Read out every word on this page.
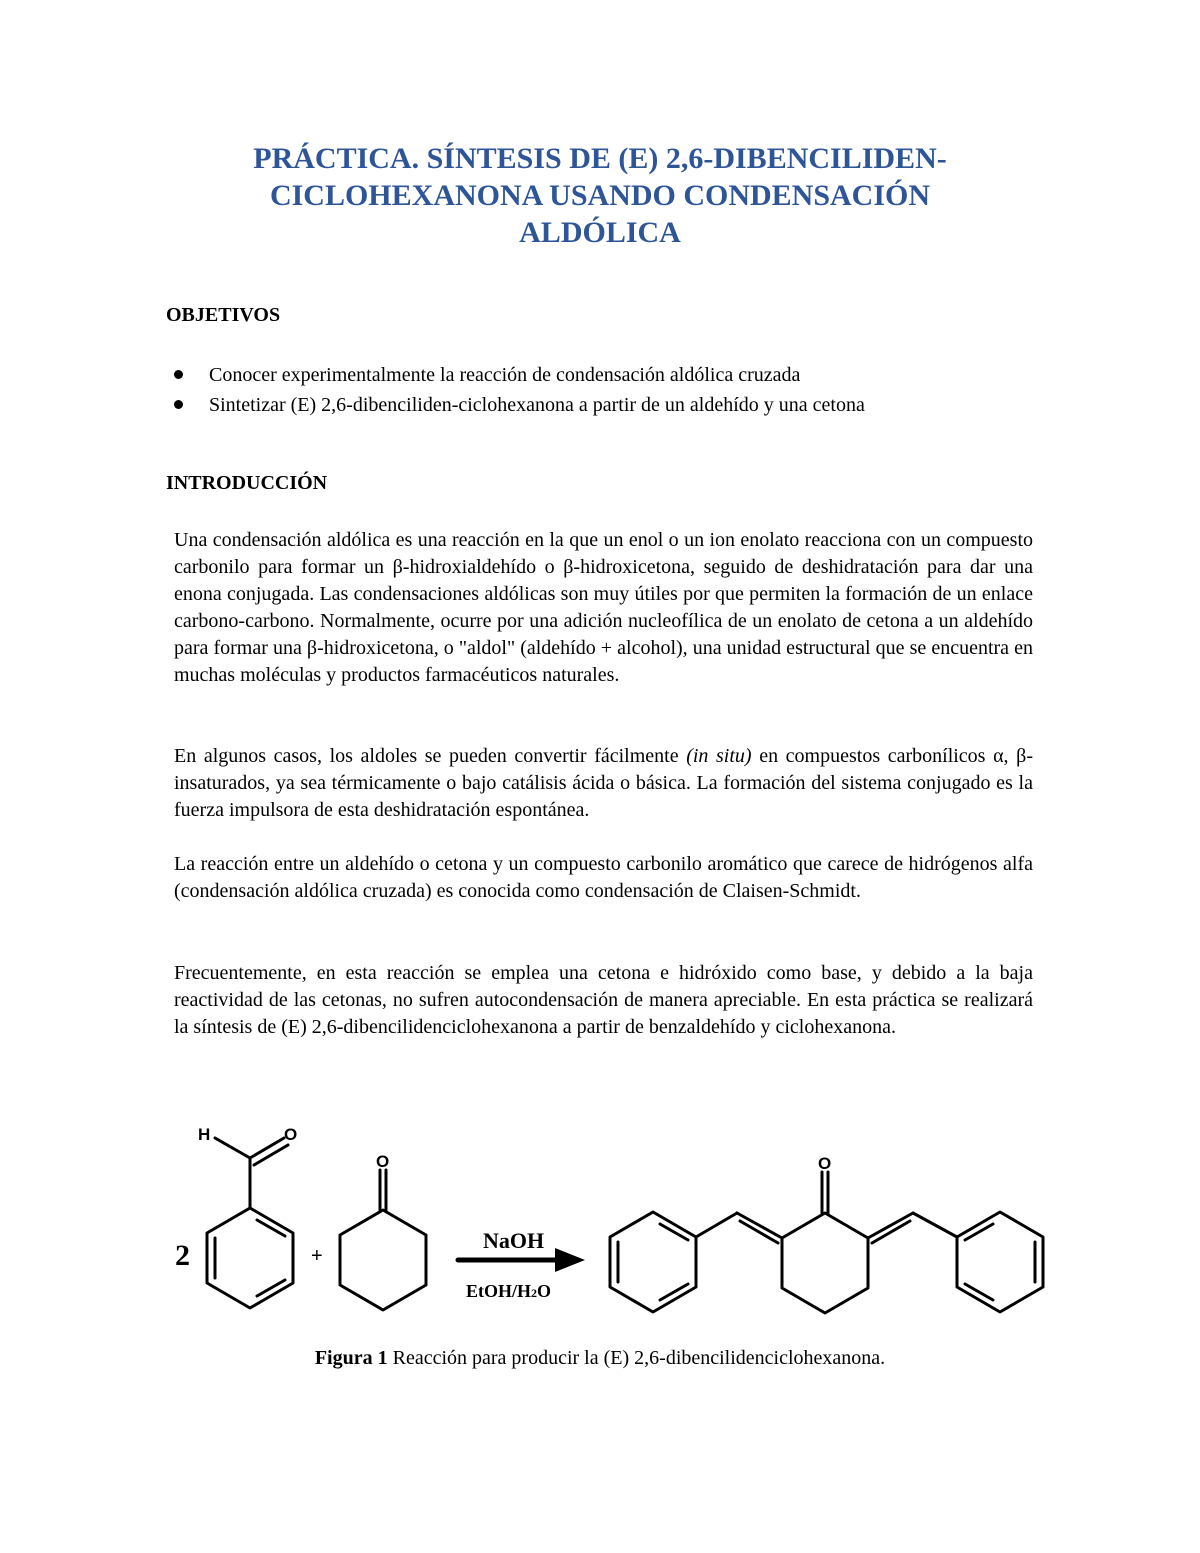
PRÁCTICA. SÍNTESIS DE (E) 2,6-DIBENCILIDEN-
CICLOHEXANONA USANDO CONDENSACIÓN
ALDÓLICA
OBJETIVOS
Conocer experimentalmente la reacción de condensación aldólica cruzada
Sintetizar (E) 2,6-dibenciliden-ciclohexanona a partir de un aldehído y una cetona
INTRODUCCIÓN

Una condensación aldólica es una reacción en la que un enol o un ion enolato reacciona con un compuesto carbonilo para formar un β-hidroxialdehído o β-hidroxicetona, seguido de deshidratación para dar una enona conjugada. Las condensaciones aldólicas son muy útiles por que permiten la formación de un enlace carbono-carbono. Normalmente, ocurre por una adición nucleofílica de un enolato de cetona a un aldehído para formar una β-hidroxicetona, o "aldol" (aldehído + alcohol), una unidad estructural que se encuentra en muchas moléculas y productos farmacéuticos naturales.

En algunos casos, los aldoles se pueden convertir fácilmente (in situ) en compuestos carbonílicos α, β-insaturados, ya sea térmicamente o bajo catálisis ácida o básica. La formación del sistema conjugado es la fuerza impulsora de esta deshidratación espontánea.

La reacción entre un aldehído o cetona y un compuesto carbonilo aromático que carece de hidrógenos alfa (condensación aldólica cruzada) es conocida como condensación de Claisen-Schmidt.

Frecuentemente, en esta reacción se emplea una cetona e hidróxido como base, y debido a la baja reactividad de las cetonas, no sufren autocondensación de manera apreciable. En esta práctica se realizará la síntesis de (E) 2,6-dibencilidenciclohexanona a partir de benzaldehído y ciclohexanona.

H	O
O	O
2	+
NaOH
EtOH/H2O
Figura 1 Reacción para producir la (E) 2,6-dibencilidenciclohexanona.
